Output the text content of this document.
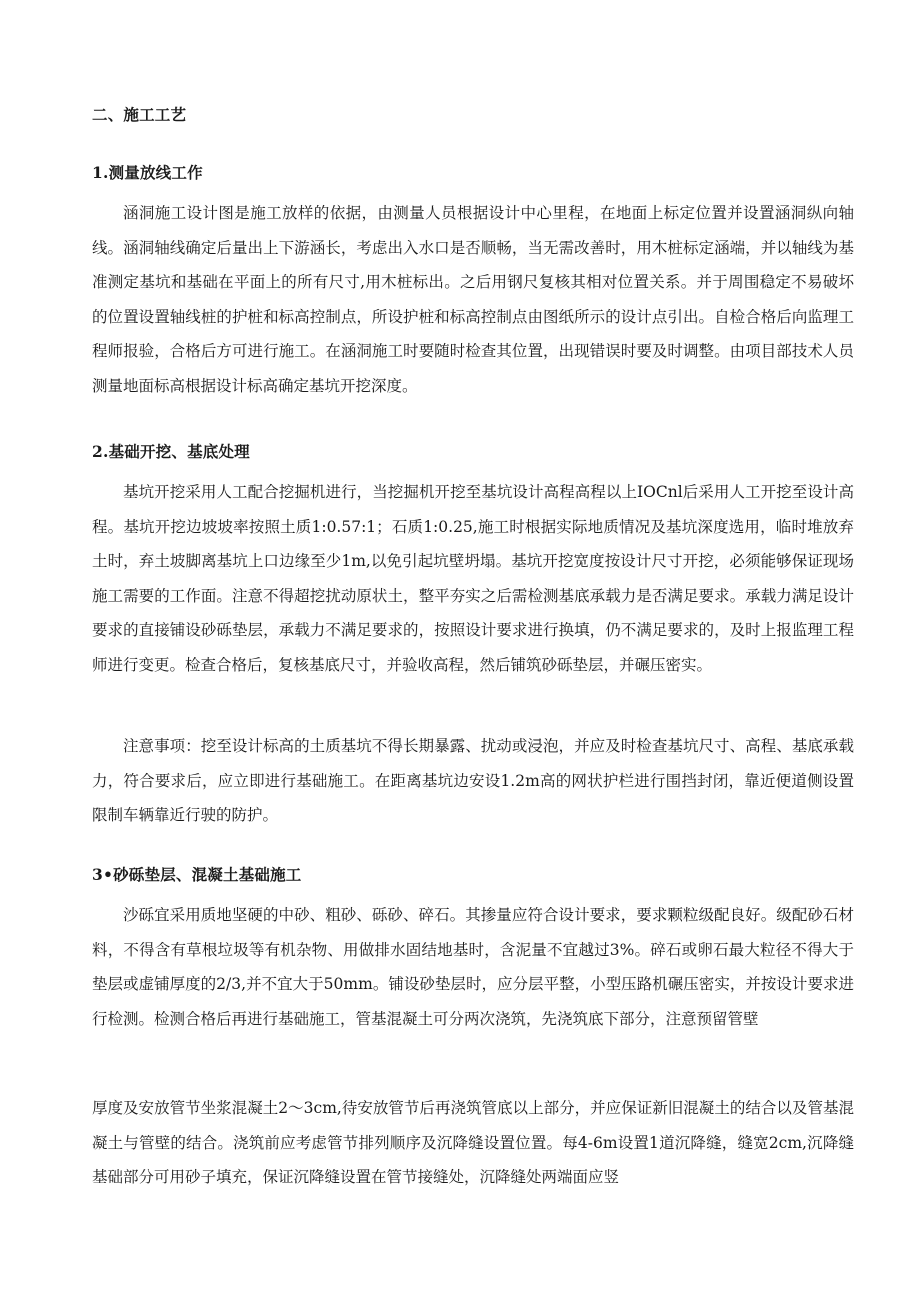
二、施工工艺
1.测量放线工作
涵洞施工设计图是施工放样的依据，由测量人员根据设计中心里程，在地面上标定位置并设置涵洞纵向轴线。涵洞轴线确定后量出上下游涵长，考虑出入水口是否顺畅，当无需改善时，用木桩标定涵端，并以轴线为基准测定基坑和基础在平面上的所有尺寸,用木桩标出。之后用钢尺复核其相对位置关系。并于周围稳定不易破坏的位置设置轴线桩的护桩和标高控制点，所设护桩和标高控制点由图纸所示的设计点引出。自检合格后向监理工程师报验，合格后方可进行施工。在涵洞施工时要随时检查其位置，出现错误时要及时调整。由项目部技术人员测量地面标高根据设计标高确定基坑开挖深度。
2.基础开挖、基底处理
基坑开挖采用人工配合挖掘机进行，当挖掘机开挖至基坑设计高程高程以上IOCnl后采用人工开挖至设计高程。基坑开挖边坡坡率按照土质1:0.57:1；石质1:0.25,施工时根据实际地质情况及基坑深度选用，临时堆放弃土时，弃土坡脚离基坑上口边缘至少1m,以免引起坑壁坍塌。基坑开挖宽度按设计尺寸开挖，必须能够保证现场施工需要的工作面。注意不得超挖扰动原状土，整平夯实之后需检测基底承载力是否满足要求。承载力满足设计要求的直接铺设砂砾垫层，承载力不满足要求的，按照设计要求进行换填，仍不满足要求的，及时上报监理工程师进行变更。检查合格后，复核基底尺寸，并验收高程，然后铺筑砂砾垫层，并碾压密实。
注意事项：挖至设计标高的土质基坑不得长期暴露、扰动或浸泡，并应及时检查基坑尺寸、高程、基底承载力，符合要求后，应立即进行基础施工。在距离基坑边安设1.2m高的网状护栏进行围挡封闭，靠近便道侧设置限制车辆靠近行驶的防护。
3•砂砾垫层、混凝土基础施工
沙砾宜采用质地坚硬的中砂、粗砂、砾砂、碎石。其掺量应符合设计要求，要求颗粒级配良好。级配砂石材料，不得含有草根垃圾等有机杂物、用做排水固结地基时，含泥量不宜越过3%。碎石或卵石最大粒径不得大于垫层或虚铺厚度的2/3,并不宜大于50mm。铺设砂垫层时，应分层平整，小型压路机碾压密实，并按设计要求进行检测。检测合格后再进行基础施工，管基混凝土可分两次浇筑，先浇筑底下部分，注意预留管壁
厚度及安放管节坐浆混凝土2～3cm,待安放管节后再浇筑管底以上部分，并应保证新旧混凝土的结合以及管基混凝土与管壁的结合。浇筑前应考虑管节排列顺序及沉降缝设置位置。每4-6m设置1道沉降缝，缝宽2cm,沉降缝基础部分可用砂子填充，保证沉降缝设置在管节接缝处，沉降缝处两端面应竖
